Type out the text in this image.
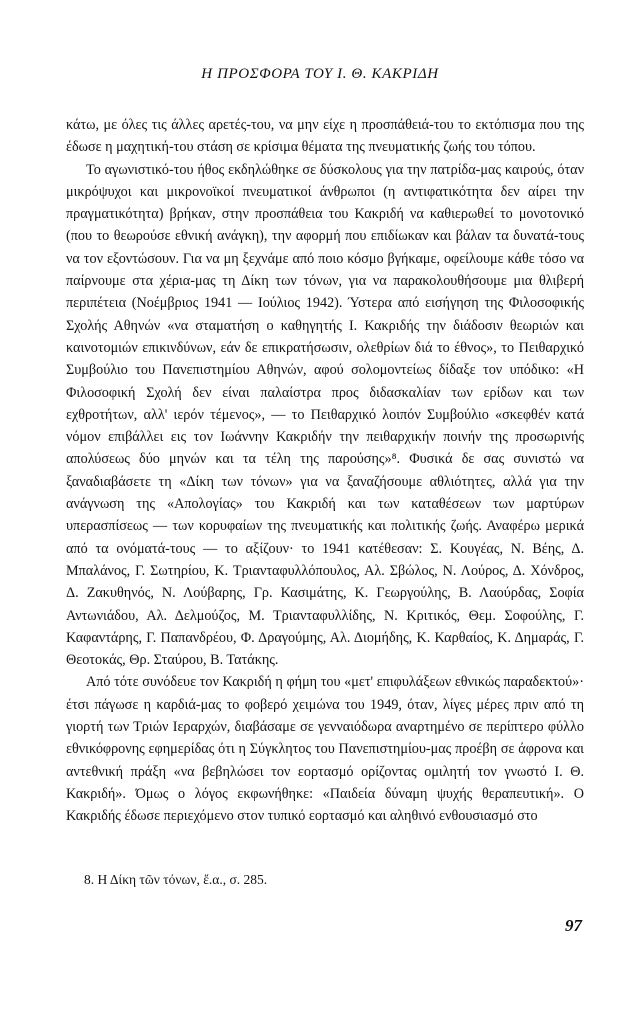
Η ΠΡΟΣΦΟΡΑ ΤΟΥ Ι. Θ. ΚΑΚΡΙΔΗ

κάτω, με όλες τις άλλες αρετές-του, να μην είχε η προσπάθειά-του το εκτόπισμα που της έδωσε η μαχητική-του στάση σε κρίσιμα θέματα της πνευματικής ζωής του τόπου.

Το αγωνιστικό-του ήθος εκδηλώθηκε σε δύσκολους για την πατρίδα-μας καιρούς, όταν μικρόψυχοι και μικρονοϊκοί πνευματικοί άνθρωποι (η αντιφατικότητα δεν αίρει την πραγματικότητα) βρήκαν, στην προσπάθεια του Κακριδή να καθιερωθεί το μονοτονικό (που το θεωρούσε εθνική ανάγκη), την αφορμή που επιδίωκαν και βάλαν τα δυνατά-τους να τον εξοντώσουν. Για να μη ξεχνάμε από ποιο κόσμο βγήκαμε, οφείλουμε κάθε τόσο να παίρνουμε στα χέρια-μας τη Δίκη των τόνων, για να παρακολουθήσουμε μια θλιβερή περιπέτεια (Νοέμβριος 1941 — Ιούλιος 1942). Ύστερα από εισήγηση της Φιλοσοφικής Σχολής Αθηνών «να σταματήση ο καθηγητής Ι. Κακριδής την διάδοσιν θεωριών και καινοτομιών επικινδύνων, εάν δε επικρατήσωσιν, ολεθρίων διά το έθνος», το Πειθαρχικό Συμβούλιο του Πανεπιστημίου Αθηνών, αφού σολομοντείως δίδαξε τον υπόδικο: «Η Φιλοσοφική Σχολή δεν είναι παλαίστρα προς διδασκαλίαν των ερίδων και των εχθροτήτων, αλλ' ιερόν τέμενος», — το Πειθαρχικό λοιπόν Συμβούλιο «σκεφθέν κατά νόμον επιβάλλει εις τον Ιωάννην Κακριδήν την πειθαρχικήν ποινήν της προσωρινής απολύσεως δύο μηνών και τα τέλη της παρούσης»⁸. Φυσικά δε σας συνιστώ να ξαναδιαβάσετε τη «Δίκη των τόνων» για να ξαναζήσουμε αθλιότητες, αλλά για την ανάγνωση της «Απολογίας» του Κακριδή και των καταθέσεων των μαρτύρων υπερασπίσεως — των κορυφαίων της πνευματικής και πολιτικής ζωής. Αναφέρω μερικά από τα ονόματά-τους — το αξίζουν· το 1941 κατέθεσαν: Σ. Κουγέας, Ν. Βέης, Δ. Μπαλάνος, Γ. Σωτηρίου, Κ. Τριανταφυλλόπουλος, Αλ. Σβώλος, Ν. Λούρος, Δ. Χόνδρος, Δ. Ζακυθηνός, Ν. Λούβαρης, Γρ. Κασιμάτης, Κ. Γεωργούλης, Β. Λαούρδας, Σοφία Αντωνιάδου, Αλ. Δελμούζος, Μ. Τριανταφυλλίδης, Ν. Κριτικός, Θεμ. Σοφούλης, Γ. Καφαντάρης, Γ. Παπανδρέου, Φ. Δραγούμης, Αλ. Διομήδης, Κ. Καρθαίος, Κ. Δημαράς, Γ. Θεοτοκάς, Θρ. Σταύρου, Β. Τατάκης.

Από τότε συνόδευε τον Κακριδή η φήμη του «μετ' επιφυλάξεων εθνικώς παραδεκτού»· έτσι πάγωσε η καρδιά-μας το φοβερό χειμώνα του 1949, όταν, λίγες μέρες πριν από τη γιορτή των Τριών Ιεραρχών, διαβάσαμε σε γενναιόδωρα αναρτημένο σε περίπτερο φύλλο εθνικόφρονης εφημερίδας ότι η Σύγκλητος του Πανεπιστημίου-μας προέβη σε άφρονα και αντεθνική πράξη «να βεβηλώσει τον εορτασμό ορίζοντας ομιλητή τον γνωστό Ι. Θ. Κακριδή». Όμως ο λόγος εκφωνήθηκε: «Παιδεία δύναμη ψυχής θεραπευτική». Ο Κακριδής έδωσε περιεχόμενο στον τυπικό εορτασμό και αληθινό ενθουσιασμό στο

8. Η Δίκη τῶν τόνων, ἔ.α., σ. 285.
97
